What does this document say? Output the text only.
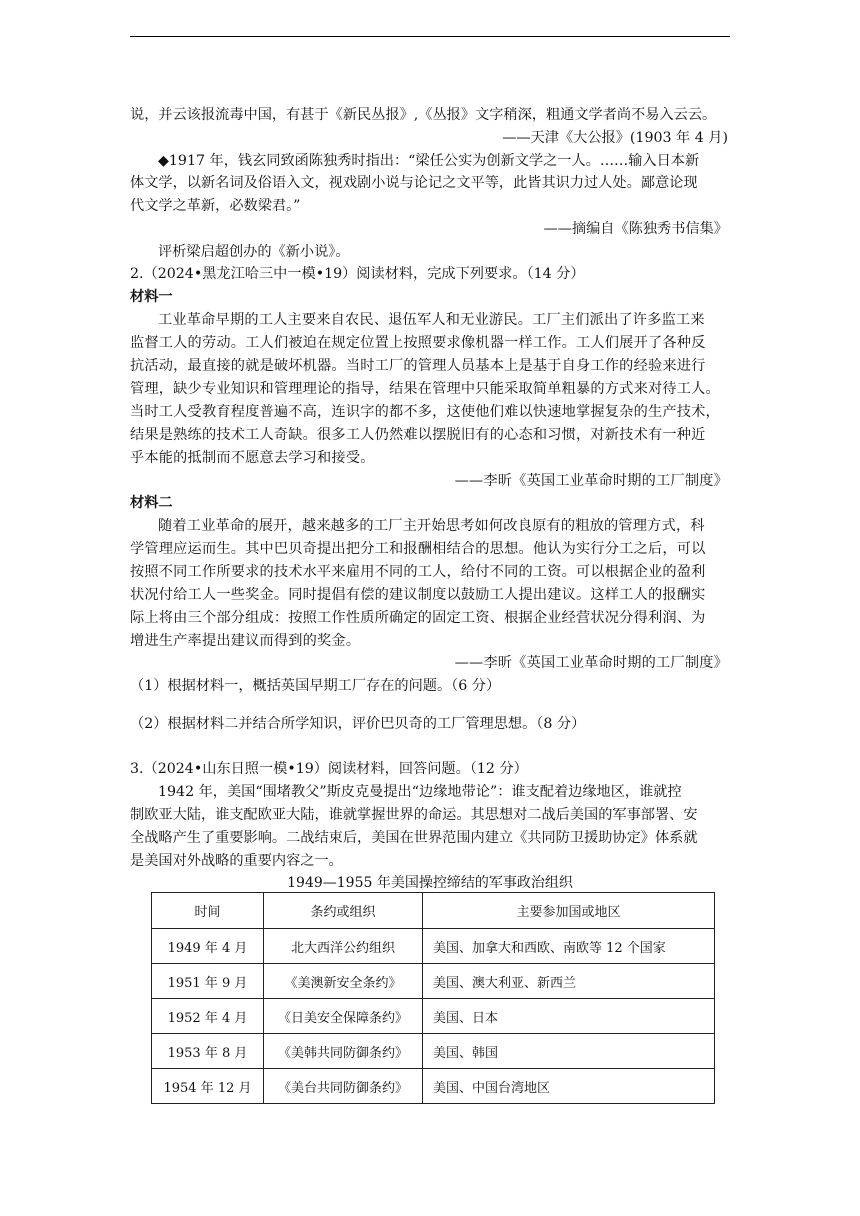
说，并云该报流毒中国，有甚于《新民丛报》,《丛报》文字稍深，粗通文学者尚不易入云云。
——天津《大公报》(1903 年 4 月)
◆1917 年，钱玄同致函陈独秀时指出：“梁任公实为创新文学之一人。……输入日本新
体文学，以新名词及俗语入文，视戏剧小说与论记之文平等，此皆其识力过人处。鄙意论现
代文学之革新，必数梁君。”
——摘编自《陈独秀书信集》
评析梁启超创办的《新小说》。
2.（2024•黑龙江哈三中一模•19）阅读材料，完成下列要求。（14 分）
材料一
工业革命早期的工人主要来自农民、退伍军人和无业游民。工厂主们派出了许多监工来
监督工人的劳动。工人们被迫在规定位置上按照要求像机器一样工作。工人们展开了各种反
抗活动，最直接的就是破坏机器。当时工厂的管理人员基本上是基于自身工作的经验来进行
管理，缺少专业知识和管理理论的指导，结果在管理中只能采取简单粗暴的方式来对待工人。
当时工人受教育程度普遍不高，连识字的都不多，这使他们难以快速地掌握复杂的生产技术，
结果是熟练的技术工人奇缺。很多工人仍然难以摆脱旧有的心态和习惯，对新技术有一种近
乎本能的抵制而不愿意去学习和接受。
——李昕《英国工业革命时期的工厂制度》
材料二
随着工业革命的展开，越来越多的工厂主开始思考如何改良原有的粗放的管理方式，科
学管理应运而生。其中巴贝奇提出把分工和报酬相结合的思想。他认为实行分工之后，可以
按照不同工作所要求的技术水平来雇用不同的工人，给付不同的工资。可以根据企业的盈利
状况付给工人一些奖金。同时提倡有偿的建议制度以鼓励工人提出建议。这样工人的报酬实
际上将由三个部分组成：按照工作性质所确定的固定工资、根据企业经营状况分得利润、为
增进生产率提出建议而得到的奖金。
——李昕《英国工业革命时期的工厂制度》
（1）根据材料一，概括英国早期工厂存在的问题。（6 分）
（2）根据材料二并结合所学知识，评价巴贝奇的工厂管理思想。（8 分）
3.（2024•山东日照一模•19）阅读材料，回答问题。（12 分）
1942 年，美国“围堵教父”斯皮克曼提出“边缘地带论”：谁支配着边缘地区，谁就控
制欧亚大陆，谁支配欧亚大陆，谁就掌握世界的命运。其思想对二战后美国的军事部署、安
全战略产生了重要影响。二战结束后，美国在世界范围内建立《共同防卫援助协定》体系就
是美国对外战略的重要内容之一。
1949—1955 年美国操控缔结的军事政治组织
时间	条约或组织	主要参加国或地区
1949 年 4 月	北大西洋公约组织	美国、加拿大和西欧、南欧等 12 个国家
1951 年 9 月	《美澳新安全条约》	美国、澳大利亚、新西兰
1952 年 4 月	《日美安全保障条约》	美国、日本
1953 年 8 月	《美韩共同防御条约》	美国、韩国
1954 年 12 月	《美台共同防御条约》	美国、中国台湾地区
